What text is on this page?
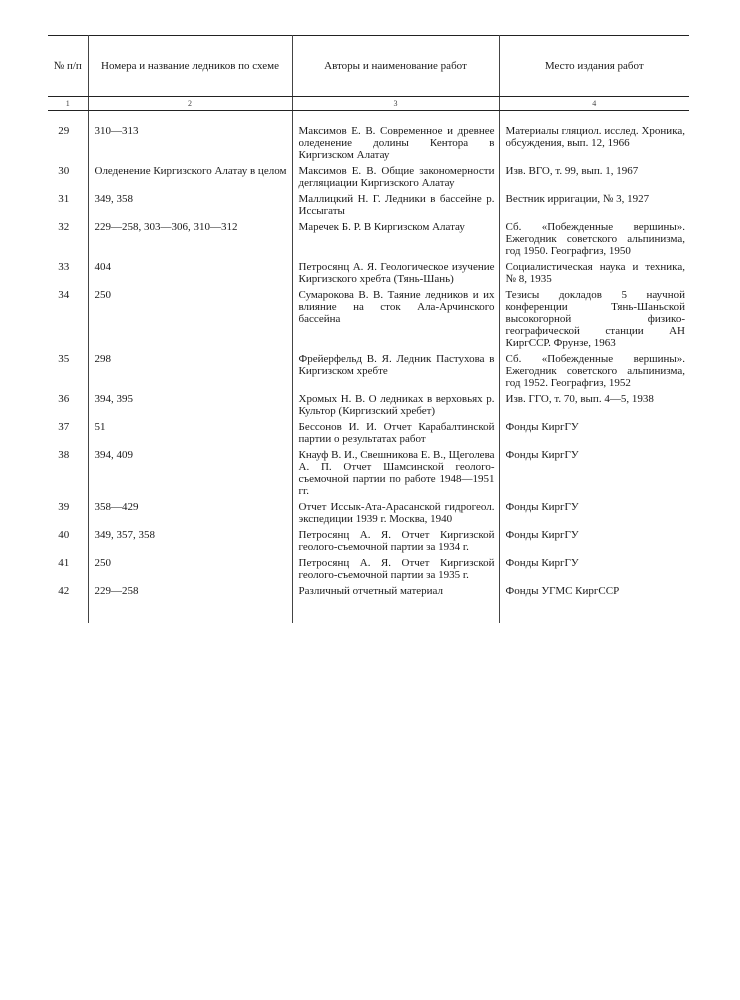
№ п/п	Номера и название ледников по схеме	Авторы и наименование работ	Место издания работ
1	2	3	4

29	310—313	Максимов Е. В. Современное и древнее оледенение долины Кентора в Киргизском Алатау	Материалы гляциол. исслед. Хроника, обсуждения, вып. 12, 1966
30	Оледенение Киргизского Алатау в целом	Максимов Е. В. Общие закономерности дегляциации Киргизского Алатау	Изв. ВГО, т. 99, вып. 1, 1967
31	349, 358	Маллицкий Н. Г. Ледники в бассейне р. Иссыгаты	Вестник ирригации, № 3, 1927
32	229—258, 303—306, 310—312	Маречек Б. Р. В Киргизском Алатау	Сб. «Побежденные вершины». Ежегодник советского альпинизма, год 1950. Географгиз, 1950
33	404	Петросянц А. Я. Геологическое изучение Киргизского хребта (Тянь-Шань)	Социалистическая наука и техника, № 8, 1935
34	250	Сумарокова В. В. Таяние ледников и их влияние на сток Ала-Арчинского бассейна	Тезисы докладов 5 научной конференции Тянь-Шаньской высокогорной физико-географической станции АН КиргССР. Фрунзе, 1963
35	298	Фрейерфельд В. Я. Ледник Пастухова в Киргизском хребте	Сб. «Побежденные вершины». Ежегодник советского альпинизма, год 1952. Географгиз, 1952
36	394, 395	Хромых Н. В. О ледниках в верховьях р. Культор (Киргизский хребет)	Изв. ГГО, т. 70, вып. 4—5, 1938
37	51	Бессонов И. И. Отчет Карабалтинской партии о результатах работ	Фонды КиргГУ
38	394, 409	Кнауф В. И., Свешникова Е. В., Щеголева А. П. Отчет Шамсинской геолого-съемочной партии по работе 1948—1951 гг.	Фонды КиргГУ
39	358—429	Отчет Иссык-Ата-Арасанской гидрогеол. экспедиции 1939 г. Москва, 1940	Фонды КиргГУ
40	349, 357, 358	Петросянц А. Я. Отчет Киргизской геолого-съемочной партии за 1934 г.	Фонды КиргГУ
41	250	Петросянц А. Я. Отчет Киргизской геолого-съемочной партии за 1935 г.	Фонды КиргГУ
42	229—258	Различный отчетный материал	Фонды УГМС КиргССР
